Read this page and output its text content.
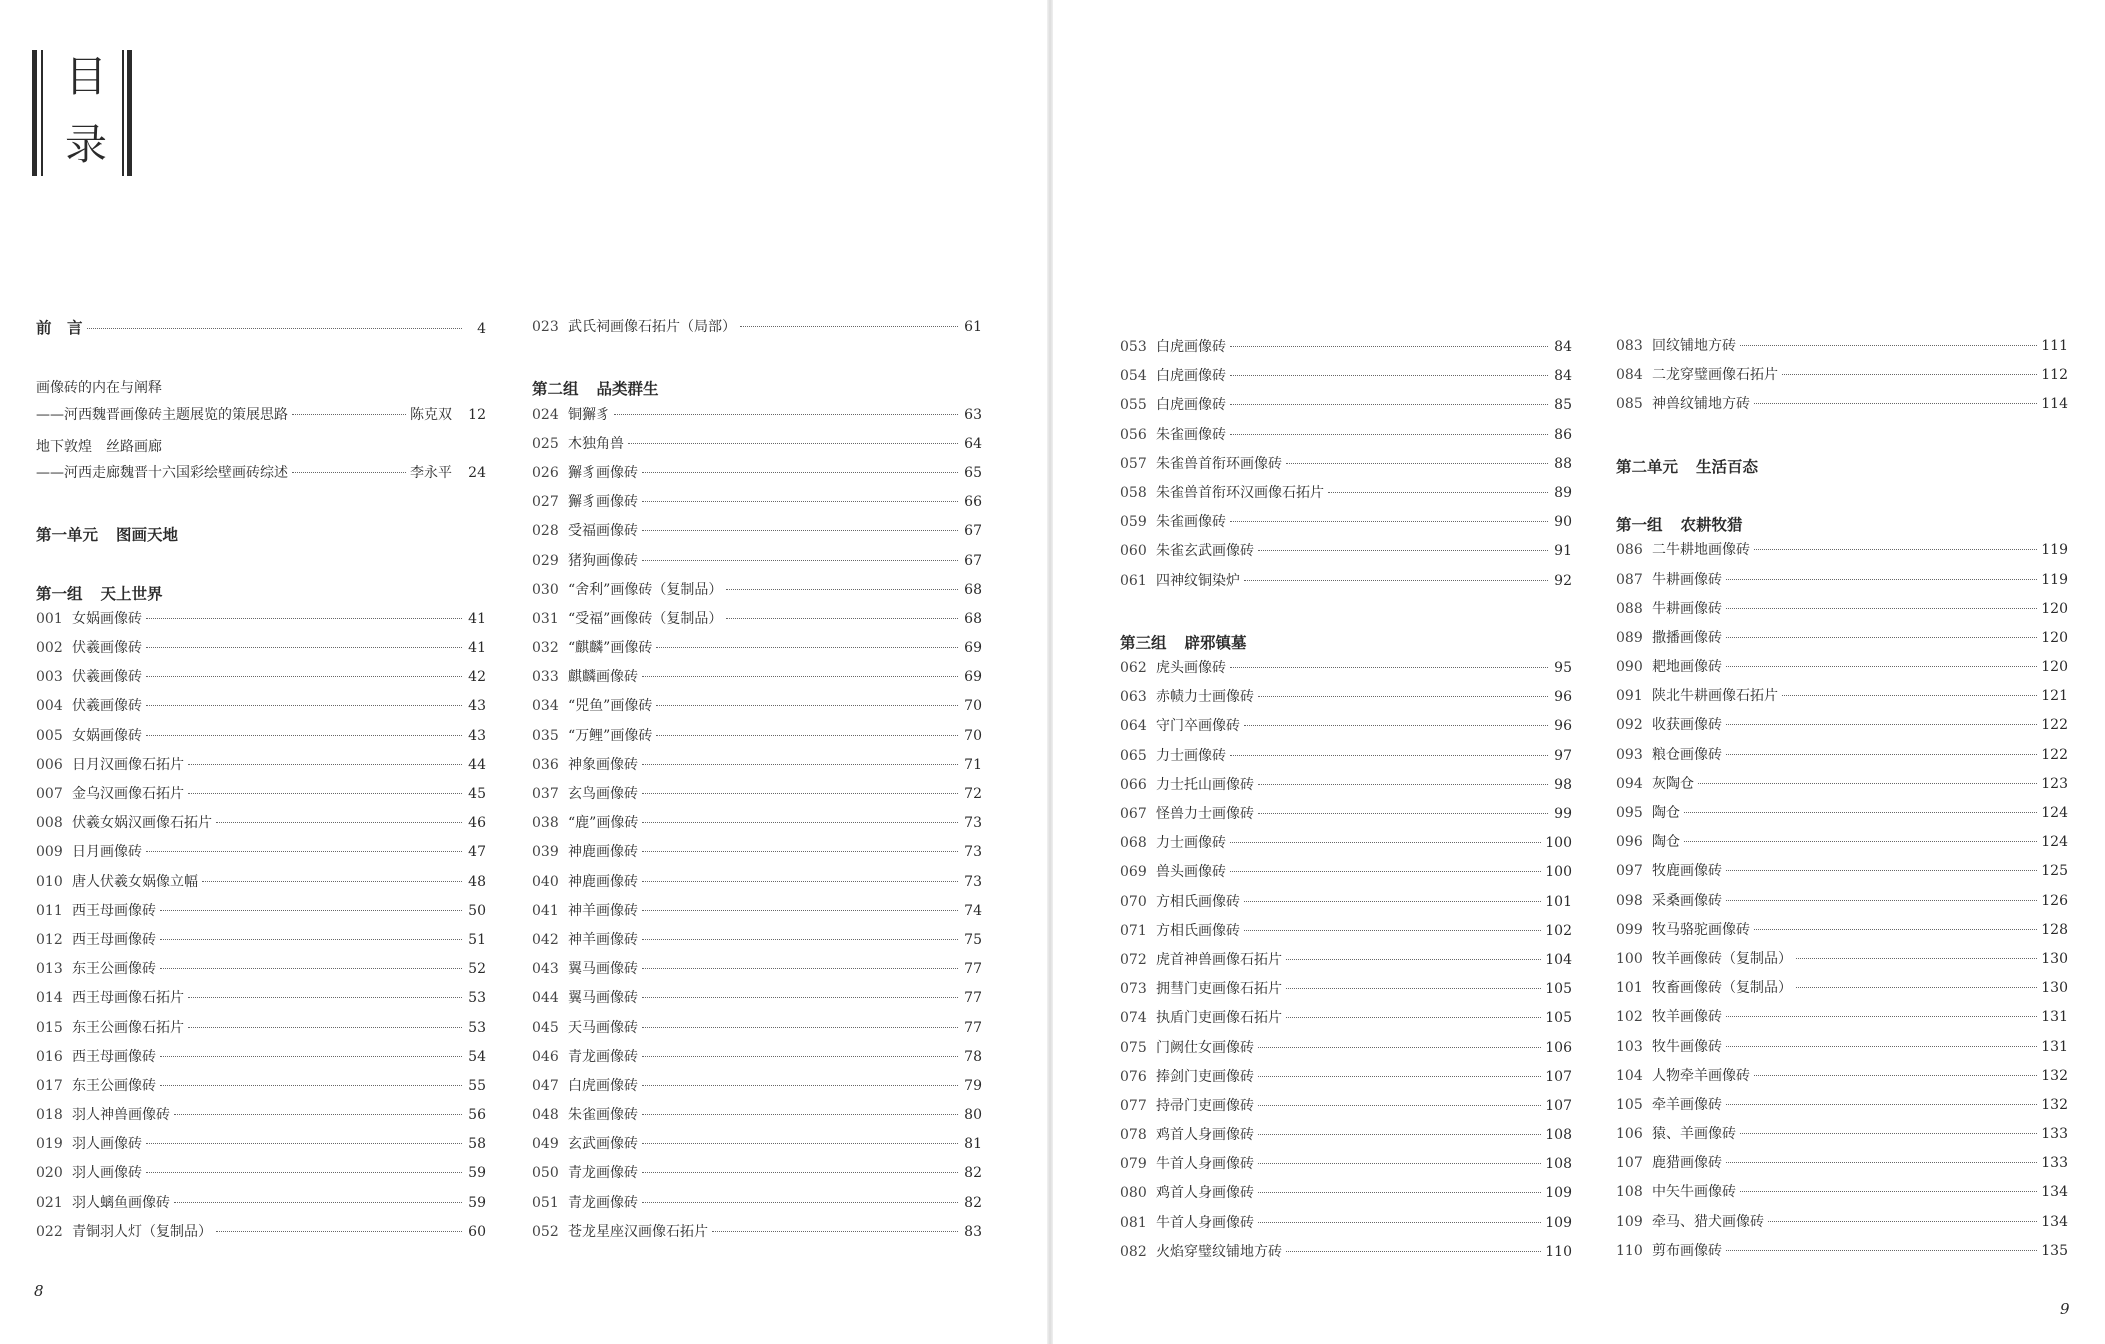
目
录
前　言	4
画像砖的内在与阐释
——河西魏晋画像砖主题展览的策展思路	陈克双 12
地下敦煌　丝路画廊
——河西走廊魏晋十六国彩绘壁画砖综述	李永平 24
第一单元 图画天地
第一组 天上世界
001 女娲画像砖	41
002 伏羲画像砖	41
003 伏羲画像砖	42
004 伏羲画像砖	43
005 女娲画像砖	43
006 日月汉画像石拓片	44
007 金乌汉画像石拓片	45
008 伏羲女娲汉画像石拓片	46
009 日月画像砖	47
010 唐人伏羲女娲像立幅	48
011 西王母画像砖	50
012 西王母画像砖	51
013 东王公画像砖	52
014 西王母画像石拓片	53
015 东王公画像石拓片	53
016 西王母画像砖	54
017 东王公画像砖	55
018 羽人神兽画像砖	56
019 羽人画像砖	58
020 羽人画像砖	59
021 羽人螭鱼画像砖	59
022 青铜羽人灯（复制品）	60
023 武氏祠画像石拓片（局部）	61
第二组 品类群生
024 铜獬豸	63
025 木独角兽	64
026 獬豸画像砖	65
027 獬豸画像砖	66
028 受福画像砖	67
029 猪狗画像砖	67
030 “舍利”画像砖（复制品）	68
031 “受福”画像砖（复制品）	68
032 “麒麟”画像砖	69
033 麒麟画像砖	69
034 “兕鱼”画像砖	70
035 “万鲤”画像砖	70
036 神象画像砖	71
037 玄鸟画像砖	72
038 “鹿”画像砖	73
039 神鹿画像砖	73
040 神鹿画像砖	73
041 神羊画像砖	74
042 神羊画像砖	75
043 翼马画像砖	77
044 翼马画像砖	77
045 天马画像砖	77
046 青龙画像砖	78
047 白虎画像砖	79
048 朱雀画像砖	80
049 玄武画像砖	81
050 青龙画像砖	82
051 青龙画像砖	82
052 苍龙星座汉画像石拓片	83
053 白虎画像砖	84
054 白虎画像砖	84
055 白虎画像砖	85
056 朱雀画像砖	86
057 朱雀兽首衔环画像砖	88
058 朱雀兽首衔环汉画像石拓片	89
059 朱雀画像砖	90
060 朱雀玄武画像砖	91
061 四神纹铜染炉	92
第三组 辟邪镇墓
062 虎头画像砖	95
063 赤帻力士画像砖	96
064 守门卒画像砖	96
065 力士画像砖	97
066 力士托山画像砖	98
067 怪兽力士画像砖	99
068 力士画像砖	100
069 兽头画像砖	100
070 方相氏画像砖	101
071 方相氏画像砖	102
072 虎首神兽画像石拓片	104
073 拥彗门吏画像石拓片	105
074 执盾门吏画像石拓片	105
075 门阙仕女画像砖	106
076 捧剑门吏画像砖	107
077 持帚门吏画像砖	107
078 鸡首人身画像砖	108
079 牛首人身画像砖	108
080 鸡首人身画像砖	109
081 牛首人身画像砖	109
082 火焰穿璧纹铺地方砖	110
083 回纹铺地方砖	111
084 二龙穿璧画像石拓片	112
085 神兽纹铺地方砖	114
第二单元 生活百态
第一组 农耕牧猎
086 二牛耕地画像砖	119
087 牛耕画像砖	119
088 牛耕画像砖	120
089 撒播画像砖	120
090 耙地画像砖	120
091 陕北牛耕画像石拓片	121
092 收获画像砖	122
093 粮仓画像砖	122
094 灰陶仓	123
095 陶仓	124
096 陶仓	124
097 牧鹿画像砖	125
098 采桑画像砖	126
099 牧马骆驼画像砖	128
100 牧羊画像砖（复制品）	130
101 牧畜画像砖（复制品）	130
102 牧羊画像砖	131
103 牧牛画像砖	131
104 人物牵羊画像砖	132
105 牵羊画像砖	132
106 猿、羊画像砖	133
107 鹿猎画像砖	133
108 中矢牛画像砖	134
109 牵马、猎犬画像砖	134
110 剪布画像砖	135
8
9
